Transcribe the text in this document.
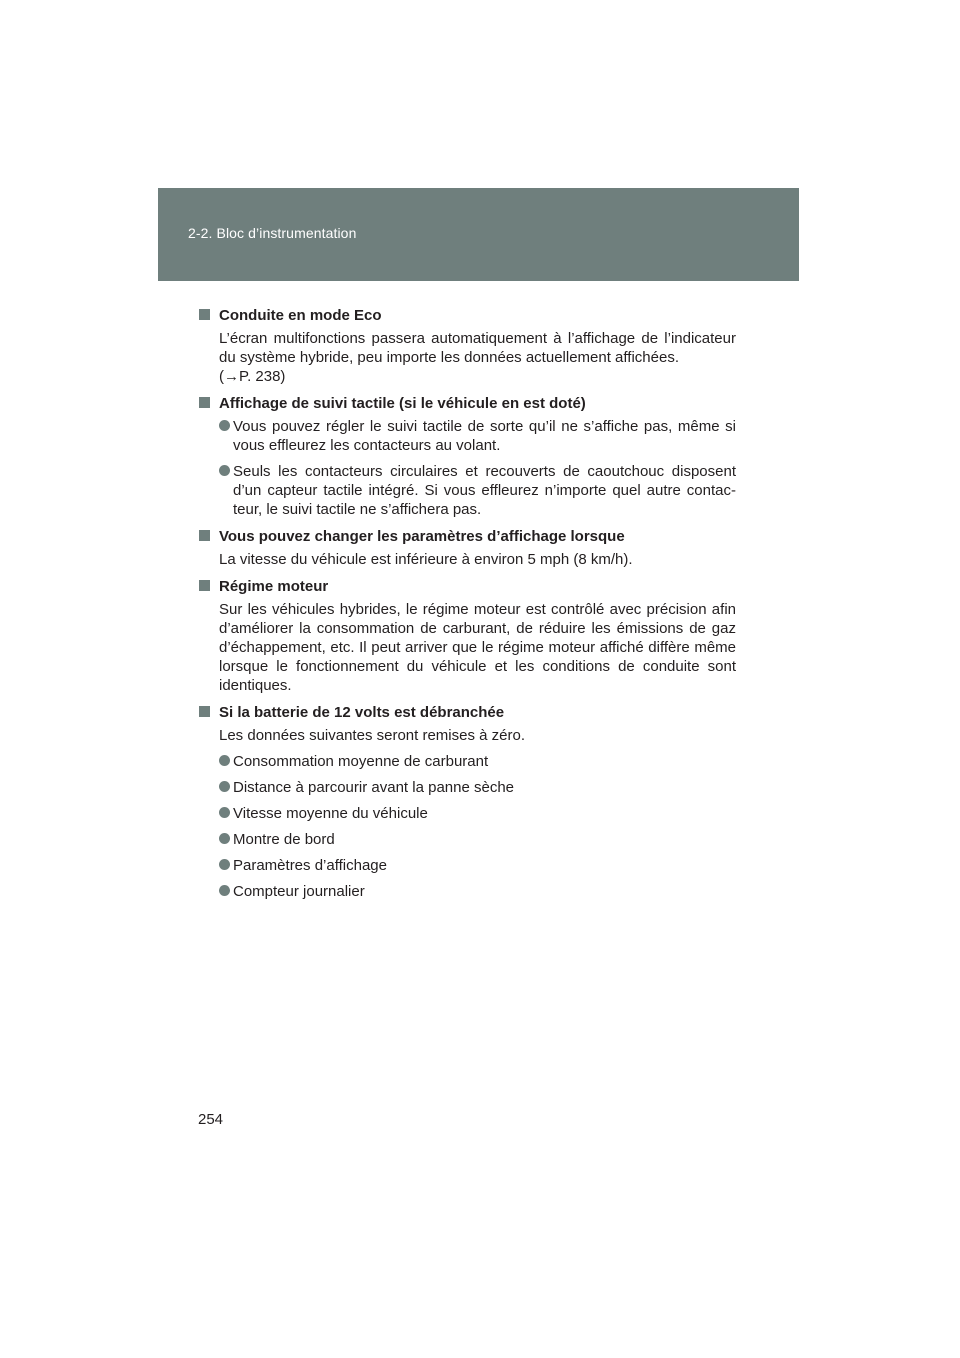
2-2. Bloc d’instrumentation
Conduite en mode Eco
L’écran multifonctions passera automatiquement à l’affichage de l’indicateur du système hybride, peu importe les données actuellement affichées.
(→P. 238)
Affichage de suivi tactile (si le véhicule en est doté)
Vous pouvez régler le suivi tactile de sorte qu’il ne s’affiche pas, même si vous effleurez les contacteurs au volant.
Seuls les contacteurs circulaires et recouverts de caoutchouc disposent d’un capteur tactile intégré. Si vous effleurez n’importe quel autre contac-teur, le suivi tactile ne s’affichera pas.
Vous pouvez changer les paramètres d’affichage lorsque
La vitesse du véhicule est inférieure à environ 5 mph (8 km/h).
Régime moteur
Sur les véhicules hybrides, le régime moteur est contrôlé avec précision afin d’améliorer la consommation de carburant, de réduire les émissions de gaz d’échappement, etc. Il peut arriver que le régime moteur affiché diffère même lorsque le fonctionnement du véhicule et les conditions de conduite sont identiques.
Si la batterie de 12 volts est débranchée
Les données suivantes seront remises à zéro.
Consommation moyenne de carburant
Distance à parcourir avant la panne sèche
Vitesse moyenne du véhicule
Montre de bord
Paramètres d’affichage
Compteur journalier
254
